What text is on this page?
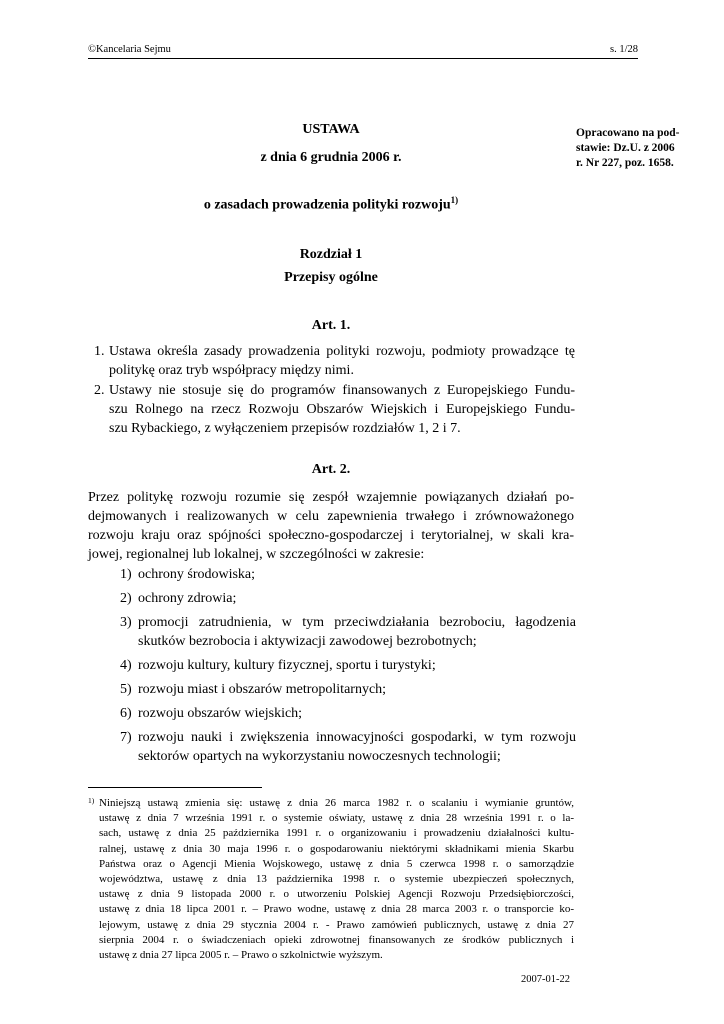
©Kancelaria Sejmu	s. 1/28
Opracowano na pod-
stawie: Dz.U. z 2006
r. Nr 227, poz. 1658.
USTAWA
z dnia 6 grudnia 2006 r.
o zasadach prowadzenia polityki rozwoju$^{1)}$
Rozdział 1
Przepisy ogólne
Art. 1.
1. Ustawa określa zasady prowadzenia polityki rozwoju, podmioty prowadzące tę
politykę oraz tryb współpracy między nimi.
2. Ustawy nie stosuje się do programów finansowanych z Europejskiego Fundu-
szu Rolnego na rzecz Rozwoju Obszarów Wiejskich i Europejskiego Fundu-
szu Rybackiego, z wyłączeniem przepisów rozdziałów 1, 2 i 7.
Art. 2.
Przez politykę rozwoju rozumie się zespół wzajemnie powiązanych działań po-
dejmowanych i realizowanych w celu zapewnienia trwałego i zrównoważonego
rozwoju kraju oraz spójności społeczno-gospodarczej i terytorialnej, w skali kra-
jowej, regionalnej lub lokalnej, w szczególności w zakresie:
1) ochrony środowiska;
2) ochrony zdrowia;
3) promocji zatrudnienia, w tym przeciwdziałania bezrobociu, łagodzenia
skutków bezrobocia i aktywizacji zawodowej bezrobotnych;
4) rozwoju kultury, kultury fizycznej, sportu i turystyki;
5) rozwoju miast i obszarów metropolitarnych;
6) rozwoju obszarów wiejskich;
7) rozwoju nauki i zwiększenia innowacyjności gospodarki, w tym rozwoju
sektorów opartych na wykorzystaniu nowoczesnych technologii;
1) Niniejszą ustawą zmienia się: ustawę z dnia 26 marca 1982 r. o scalaniu i wymianie gruntów,
ustawę z dnia 7 września 1991 r. o systemie oświaty, ustawę z dnia 28 września 1991 r. o la-
sach, ustawę z dnia 25 października 1991 r. o organizowaniu i prowadzeniu działalności kultu-
ralnej, ustawę z dnia 30 maja 1996 r. o gospodarowaniu niektórymi składnikami mienia Skarbu
Państwa oraz o Agencji Mienia Wojskowego, ustawę z dnia 5 czerwca 1998 r. o samorządzie
województwa, ustawę z dnia 13 października 1998 r. o systemie ubezpieczeń społecznych,
ustawę z dnia 9 listopada 2000 r. o utworzeniu Polskiej Agencji Rozwoju Przedsiębiorczości,
ustawę z dnia 18 lipca 2001 r. – Prawo wodne, ustawę z dnia 28 marca 2003 r. o transporcie ko-
lejowym, ustawę z dnia 29 stycznia 2004 r. - Prawo zamówień publicznych, ustawę z dnia 27
sierpnia 2004 r. o świadczeniach opieki zdrowotnej finansowanych ze środków publicznych i
ustawę z dnia 27 lipca 2005 r. – Prawo o szkolnictwie wyższym.
2007-01-22
